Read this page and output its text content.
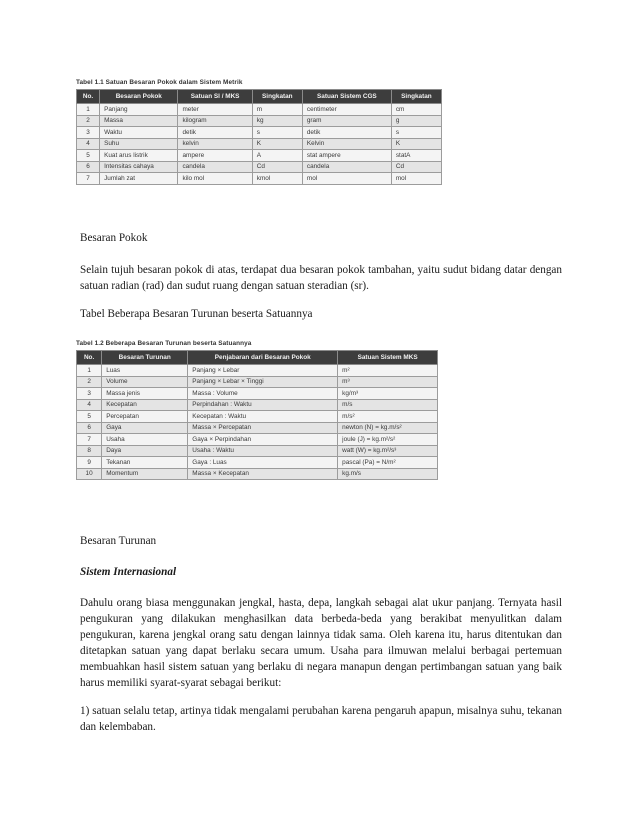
Tabel 1.1 Satuan Besaran Pokok dalam Sistem Metrik
No.	Besaran Pokok	Satuan SI / MKS	Singkatan	Satuan Sistem CGS	Singkatan
1	Panjang	meter	m	centimeter	cm
2	Massa	kilogram	kg	gram	g
3	Waktu	detik	s	detik	s
4	Suhu	kelvin	K	Kelvin	K
5	Kuat arus listrik	ampere	A	stat ampere	statA
6	Intensitas cahaya	candela	Cd	candela	Cd
7	Jumlah zat	kilo mol	kmol	mol	mol
Besaran Pokok
Selain tujuh besaran pokok di atas, terdapat dua besaran pokok tambahan, yaitu sudut bidang datar dengan satuan radian (rad) dan sudut ruang dengan satuan steradian (sr).
Tabel Beberapa Besaran Turunan beserta Satuannya
Tabel 1.2 Beberapa Besaran Turunan beserta Satuannya
No.	Besaran Turunan	Penjabaran dari Besaran Pokok	Satuan Sistem MKS
1	Luas	Panjang × Lebar	m²
2	Volume	Panjang × Lebar × Tinggi	m³
3	Massa jenis	Massa : Volume	kg/m³
4	Kecepatan	Perpindahan : Waktu	m/s
5	Percepatan	Kecepatan : Waktu	m/s²
6	Gaya	Massa × Percepatan	newton (N) = kg.m/s²
7	Usaha	Gaya × Perpindahan	joule (J) = kg.m²/s²
8	Daya	Usaha : Waktu	watt (W) = kg.m²/s³
9	Tekanan	Gaya : Luas	pascal (Pa) = N/m²
10	Momentum	Massa × Kecepatan	kg.m/s
Besaran Turunan
Sistem Internasional
Dahulu orang biasa menggunakan jengkal, hasta, depa, langkah sebagai alat ukur panjang. Ternyata hasil pengukuran yang dilakukan menghasilkan data berbeda-beda yang berakibat menyulitkan dalam pengukuran, karena jengkal orang satu dengan lainnya tidak sama. Oleh karena itu, harus ditentukan dan ditetapkan satuan yang dapat berlaku secara umum. Usaha para ilmuwan melalui berbagai pertemuan membuahkan hasil sistem satuan yang berlaku di negara manapun dengan pertimbangan satuan yang baik harus memiliki syarat-syarat sebagai berikut:
1) satuan selalu tetap, artinya tidak mengalami perubahan karena pengaruh apapun, misalnya suhu, tekanan dan kelembaban.
